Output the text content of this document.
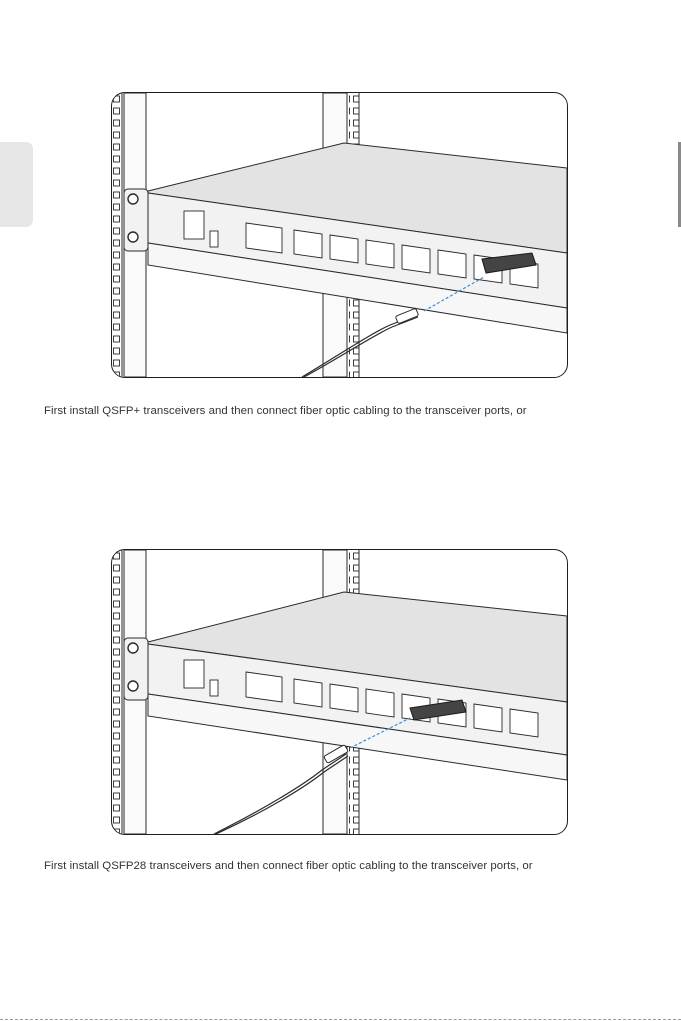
First install QSFP+ transceivers and then connect fiber optic cabling to the transceiver ports, or
First install QSFP28 transceivers and then connect fiber optic cabling to the transceiver ports, or
